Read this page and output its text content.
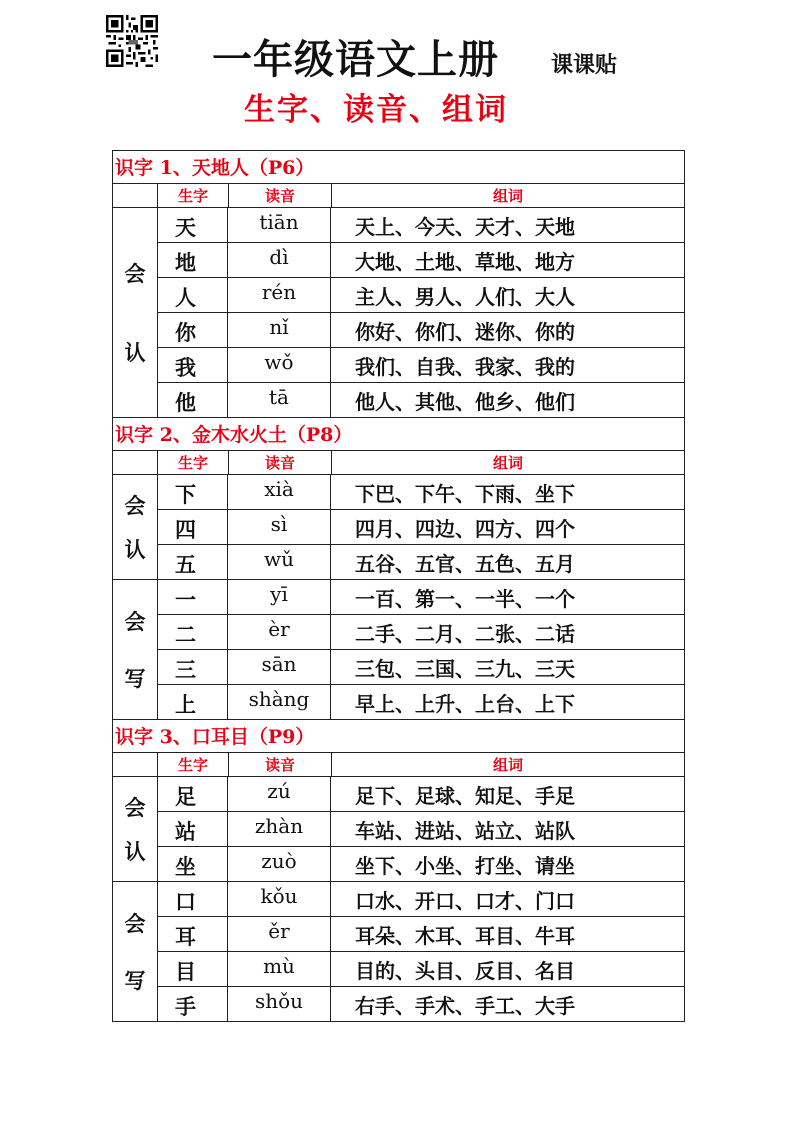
一年级语文上册 课课贴
生字、读音、组词
识字 1、天地人（P6）
生字	读音	组词
会
认
天	tiān	天上、今天、天才、天地
地	dì	大地、土地、草地、地方
人	rén	主人、男人、人们、大人
你	nǐ	你好、你们、迷你、你的
我	wǒ	我们、自我、我家、我的
他	tā	他人、其他、他乡、他们
识字 2、金木水火土（P8）
生字	读音	组词
会
认
下	xià	下巴、下午、下雨、坐下
四	sì	四月、四边、四方、四个
五	wǔ	五谷、五官、五色、五月
会
写
一	yī	一百、第一、一半、一个
二	èr	二手、二月、二张、二话
三	sān	三包、三国、三九、三天
上	shàng	早上、上升、上台、上下
识字 3、口耳目（P9）
生字	读音	组词
会
认
足	zú	足下、足球、知足、手足
站	zhàn	车站、进站、站立、站队
坐	zuò	坐下、小坐、打坐、请坐
会
写
口	kǒu	口水、开口、口才、门口
耳	ěr	耳朵、木耳、耳目、牛耳
目	mù	目的、头目、反目、名目
手	shǒu	右手、手术、手工、大手
